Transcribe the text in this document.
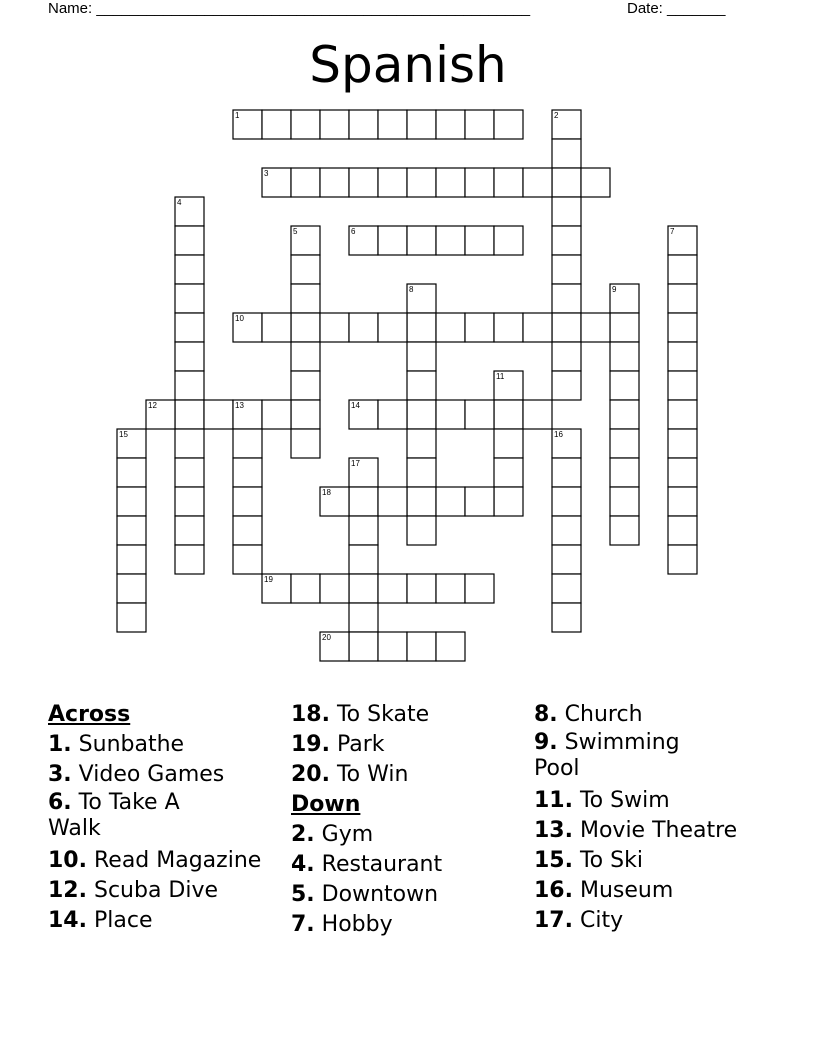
Name: ____________________________________________________	Date: _______
Spanish
1	2
3
4
5	6	7
8	9
10
11
12	13	14
15	16
17
18
19
20
Across
1. Sunbathe
3. Video Games
6. To Take A Walk
10. Read Magazine
12. Scuba Dive
14. Place
18. To Skate
19. Park
20. To Win
Down
2. Gym
4. Restaurant
5. Downtown
7. Hobby
8. Church
9. Swimming Pool
11. To Swim
13. Movie Theatre
15. To Ski
16. Museum
17. City
